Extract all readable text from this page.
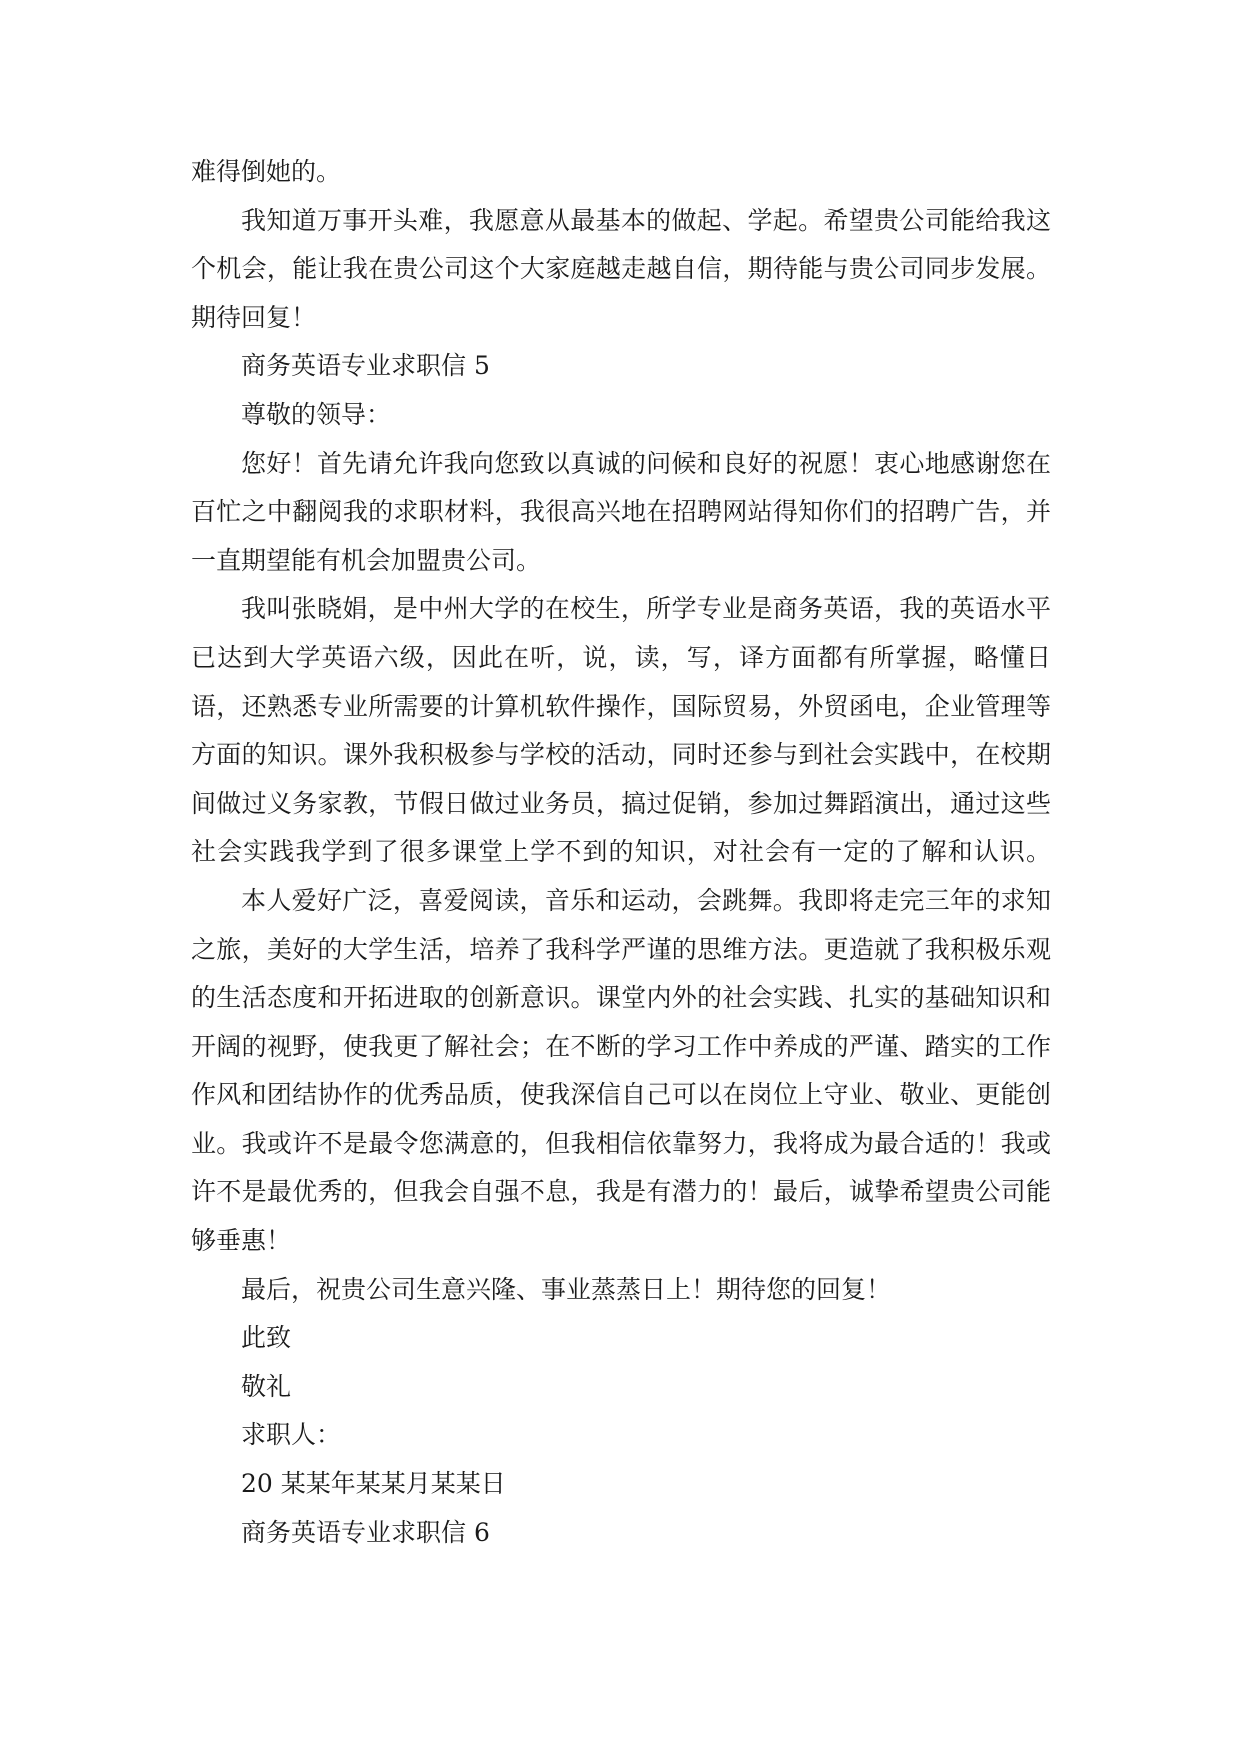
难得倒她的。
我知道万事开头难，我愿意从最基本的做起、学起。希望贵公司能给我这
个机会，能让我在贵公司这个大家庭越走越自信，期待能与贵公司同步发展。
期待回复！
商务英语专业求职信 5
尊敬的领导：
您好！首先请允许我向您致以真诚的问候和良好的祝愿！衷心地感谢您在
百忙之中翻阅我的求职材料，我很高兴地在招聘网站得知你们的招聘广告，并
一直期望能有机会加盟贵公司。
我叫张晓娟，是中州大学的在校生，所学专业是商务英语，我的英语水平
已达到大学英语六级，因此在听，说，读，写，译方面都有所掌握，略懂日
语，还熟悉专业所需要的计算机软件操作，国际贸易，外贸函电，企业管理等
方面的知识。课外我积极参与学校的活动，同时还参与到社会实践中，在校期
间做过义务家教，节假日做过业务员，搞过促销，参加过舞蹈演出，通过这些
社会实践我学到了很多课堂上学不到的知识，对社会有一定的了解和认识。
本人爱好广泛，喜爱阅读，音乐和运动，会跳舞。我即将走完三年的求知
之旅，美好的大学生活，培养了我科学严谨的思维方法。更造就了我积极乐观
的生活态度和开拓进取的创新意识。课堂内外的社会实践、扎实的基础知识和
开阔的视野，使我更了解社会；在不断的学习工作中养成的严谨、踏实的工作
作风和团结协作的优秀品质，使我深信自己可以在岗位上守业、敬业、更能创
业。我或许不是最令您满意的，但我相信依靠努力，我将成为最合适的！我或
许不是最优秀的，但我会自强不息，我是有潜力的！最后，诚挚希望贵公司能
够垂惠！
最后，祝贵公司生意兴隆、事业蒸蒸日上！期待您的回复！
此致
敬礼
求职人：
20 某某年某某月某某日
商务英语专业求职信 6
